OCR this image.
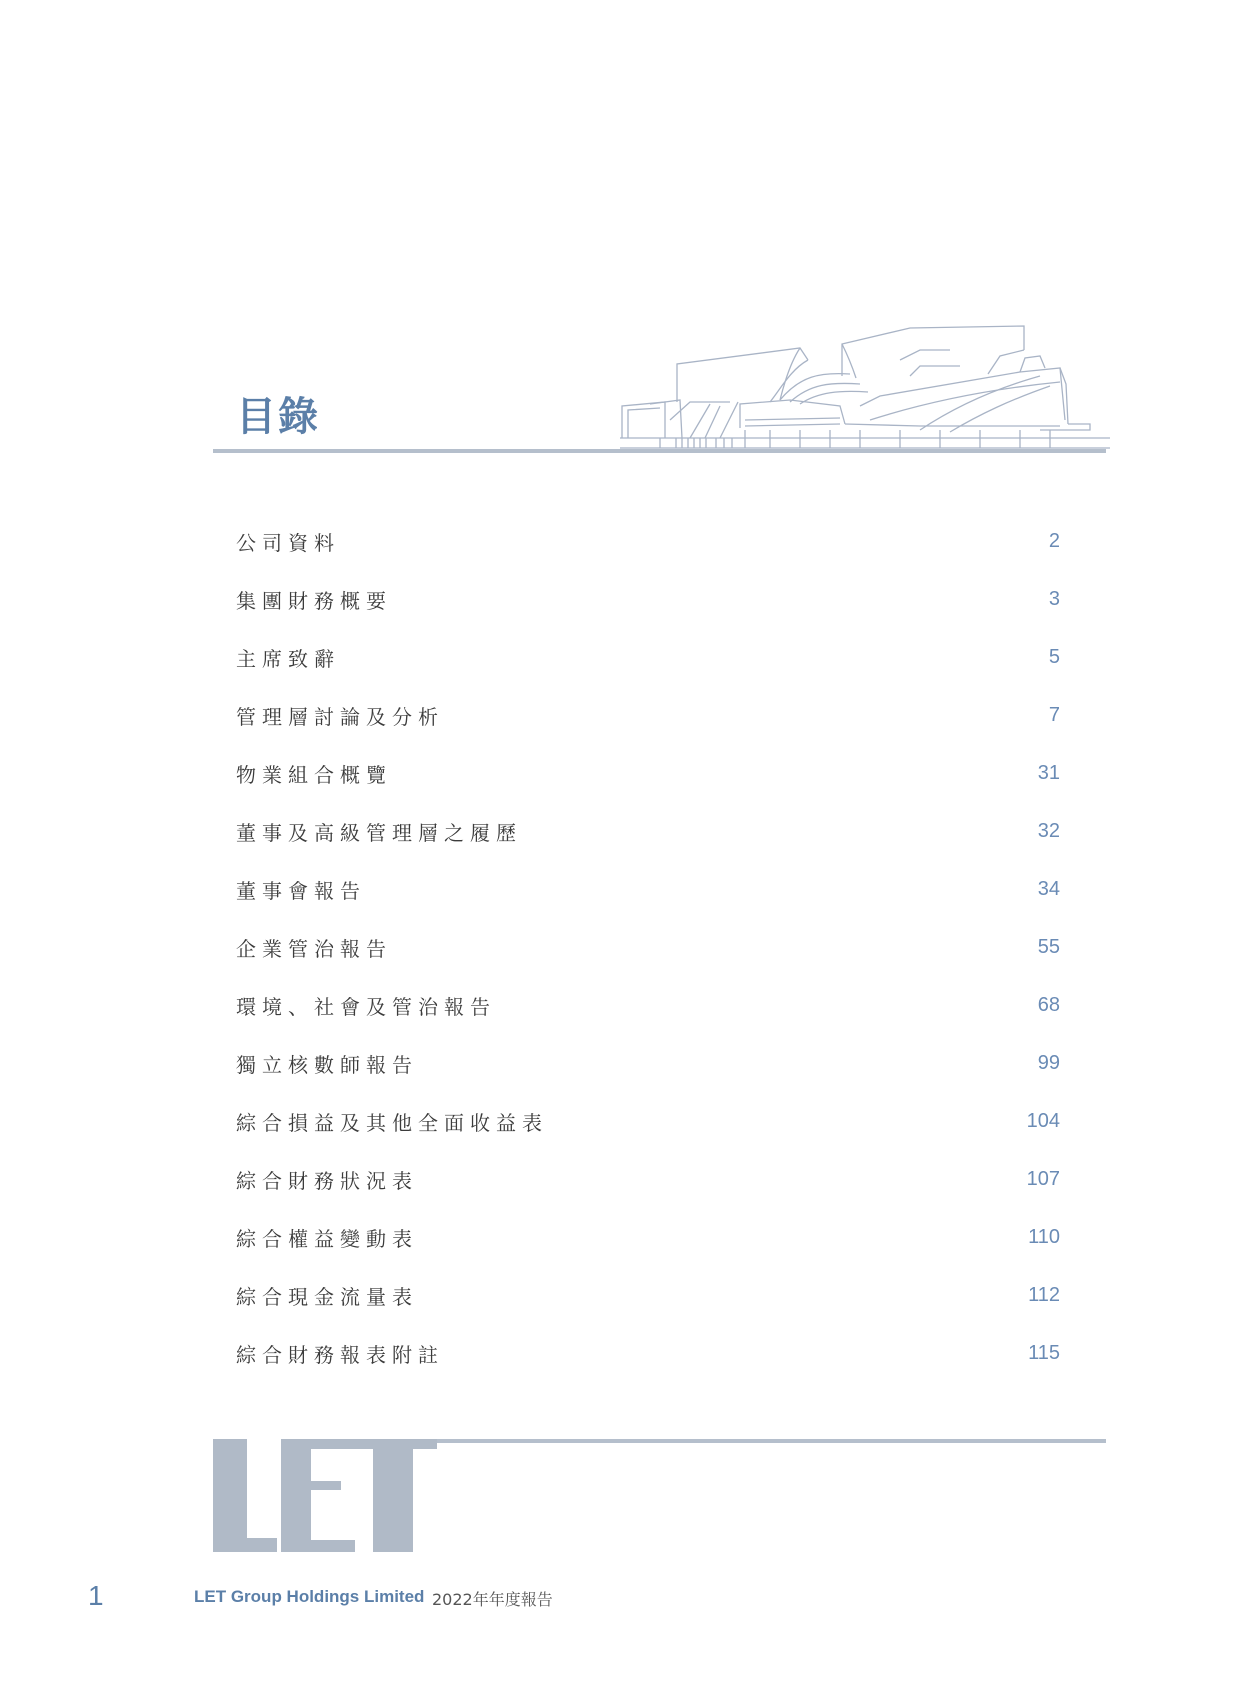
目錄
公司資料	2
集團財務概要	3
主席致辭	5
管理層討論及分析	7
物業組合概覽	31
董事及高級管理層之履歷	32
董事會報告	34
企業管治報告	55
環境、社會及管治報告	68
獨立核數師報告	99
綜合損益及其他全面收益表	104
綜合財務狀況表	107
綜合權益變動表	110
綜合現金流量表	112
綜合財務報表附註	115
1	LET Group Holdings Limited 2022年年度報告
